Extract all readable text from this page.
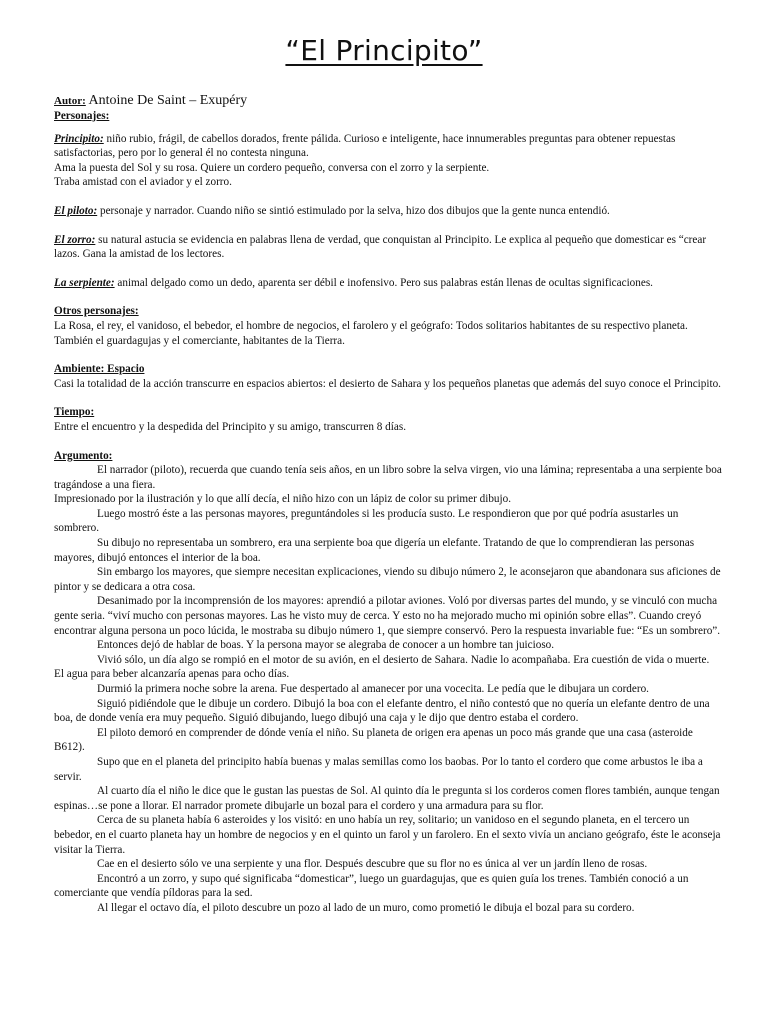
“El Principito”

Autor: Antoine De Saint – Exupéry

Personajes:

Principito: niño rubio, frágil, de cabellos dorados, frente pálida. Curioso e inteligente, hace innumerables preguntas para obtener repuestas satisfactorias, pero por lo general él no contesta ninguna.

Ama la puesta del Sol y su rosa. Quiere un cordero pequeño, conversa con el zorro y la serpiente.

Traba amistad con el aviador y el zorro.

El piloto: personaje y narrador. Cuando niño se sintió estimulado por la selva, hizo dos dibujos que la gente nunca entendió.

El zorro: su natural astucia se evidencia en palabras llena de verdad, que conquistan al Principito. Le explica al pequeño que domesticar es “crear lazos. Gana la amistad de los lectores.

La serpiente: animal delgado como un dedo, aparenta ser débil e inofensivo. Pero sus palabras están llenas de ocultas significaciones.

Otros personajes:

La Rosa, el rey, el vanidoso, el bebedor, el hombre de negocios, el farolero y el geógrafo: Todos solitarios habitantes de su respectivo planeta.

También el guardagujas y el comerciante, habitantes de la Tierra.

Ambiente: Espacio

Casi la totalidad de la acción transcurre en espacios abiertos: el desierto de Sahara y los pequeños planetas que además del suyo conoce el Principito.

Tiempo:

Entre el encuentro y la despedida del Principito y su amigo, transcurren 8 días.

Argumento:

El narrador (piloto), recuerda que cuando tenía seis años, en un libro sobre la selva virgen, vio una lámina; representaba a una serpiente boa tragándose a una fiera.

Impresionado por la ilustración y lo que allí decía, el niño hizo con un lápiz de color su primer dibujo.

Luego mostró éste a las personas mayores, preguntándoles si les producía susto. Le respondieron que por qué podría asustarles un sombrero.

Su dibujo no representaba un sombrero, era una serpiente boa que digería un elefante. Tratando de que lo comprendieran las personas mayores, dibujó entonces el interior de la boa.

Sin embargo los mayores, que siempre necesitan explicaciones, viendo su dibujo número 2, le aconsejaron que abandonara sus aficiones de pintor y se dedicara a otra cosa.

Desanimado por la incomprensión de los mayores: aprendió a pilotar aviones. Voló por diversas partes del mundo, y se vinculó con mucha gente seria. “viví mucho con personas mayores. Las he visto muy de cerca. Y esto no ha mejorado mucho mi opinión sobre ellas”. Cuando creyó encontrar alguna persona un poco lúcida, le mostraba su dibujo número 1, que siempre conservó. Pero la respuesta invariable fue: “Es un sombrero”.

Entonces dejó de hablar de boas. Y la persona mayor se alegraba de conocer a un hombre tan juicioso.

Vivió sólo, un día algo se rompió en el motor de su avión, en el desierto de Sahara. Nadie lo acompañaba. Era cuestión de vida o muerte. El agua para beber alcanzaría apenas para ocho días.

Durmió la primera noche sobre la arena. Fue despertado al amanecer por una vocecita. Le pedía que le dibujara un cordero.

Siguió pidiéndole que le dibuje un cordero. Dibujó la boa con el elefante dentro, el niño contestó que no quería un elefante dentro de una boa, de donde venía era muy pequeño. Siguió dibujando, luego dibujó una caja y le dijo que dentro estaba el cordero.

El piloto demoró en comprender de dónde venía el niño. Su planeta de origen era apenas un poco más grande que una casa (asteroide B612).

Supo que en el planeta del principito había buenas y malas semillas como los baobas. Por lo tanto el cordero que come arbustos le iba a servir.

Al cuarto día el niño le dice que le gustan las puestas de Sol. Al quinto día le pregunta si los corderos comen flores también, aunque tengan espinas…se pone a llorar. El narrador promete dibujarle un bozal para el cordero y una armadura para su flor.

Cerca de su planeta había 6 asteroides y los visitó: en uno había un rey, solitario; un vanidoso en el segundo planeta, en el tercero un bebedor, en el cuarto planeta hay un hombre de negocios y en el quinto un farol y un farolero. En el sexto vivía un anciano geógrafo, éste le aconseja visitar la Tierra.

Cae en el desierto sólo ve una serpiente y una flor. Después descubre que su flor no es única al ver un jardín lleno de rosas.

Encontró a un zorro, y supo qué significaba “domesticar”, luego un guardagujas, que es quien guía los trenes. También conoció a un comerciante que vendía píldoras para la sed.

Al llegar el octavo día, el piloto descubre un pozo al lado de un muro, como prometió le dibuja el bozal para su cordero.
